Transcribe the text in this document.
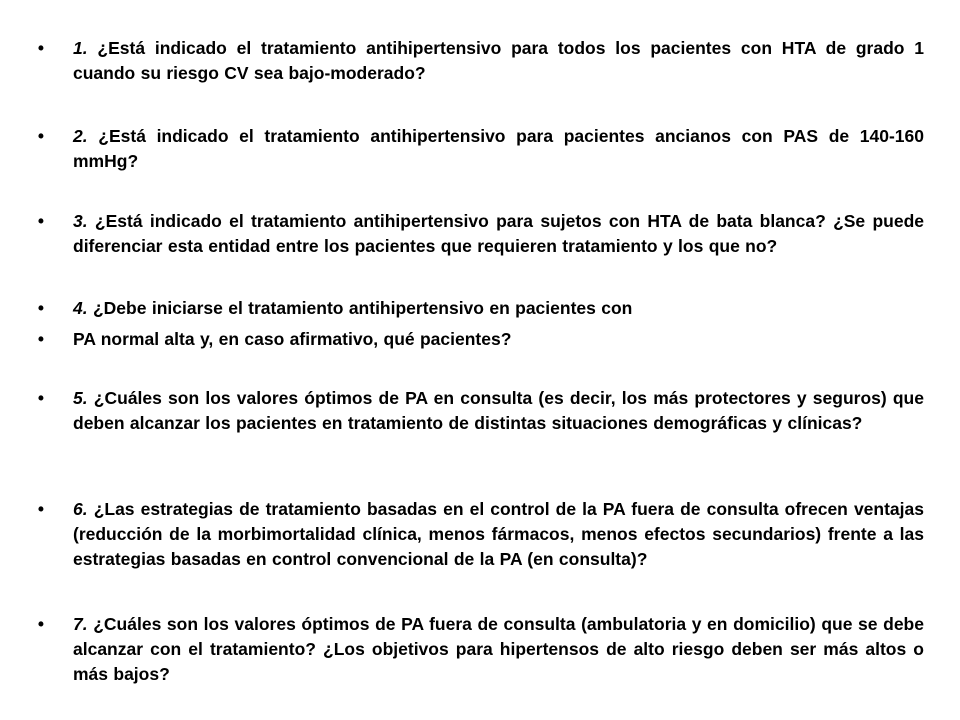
• 1. ¿Está indicado el tratamiento antihipertensivo para todos los pacientes con HTA de grado 1 cuando su riesgo CV sea bajo-moderado?
• 2. ¿Está indicado el tratamiento antihipertensivo para pacientes ancianos con PAS de 140-160 mmHg?
• 3. ¿Está indicado el tratamiento antihipertensivo para sujetos con HTA de bata blanca? ¿Se puede diferenciar esta entidad entre los pacientes que requieren tratamiento y los que no?
• 4. ¿Debe iniciarse el tratamiento antihipertensivo en pacientes con
• PA normal alta y, en caso afirmativo, qué pacientes?
• 5. ¿Cuáles son los valores óptimos de PA en consulta (es decir, los más protectores y seguros) que deben alcanzar los pacientes en tratamiento de distintas situaciones demográficas y clínicas?
• 6. ¿Las estrategias de tratamiento basadas en el control de la PA fuera de consulta ofrecen ventajas (reducción de la morbimortalidad clínica, menos fármacos, menos efectos secundarios) frente a las estrategias basadas en control convencional de la PA (en consulta)?
• 7. ¿Cuáles son los valores óptimos de PA fuera de consulta (ambulatoria y en domicilio) que se debe alcanzar con el tratamiento? ¿Los objetivos para hipertensos de alto riesgo deben ser más altos o más bajos?
